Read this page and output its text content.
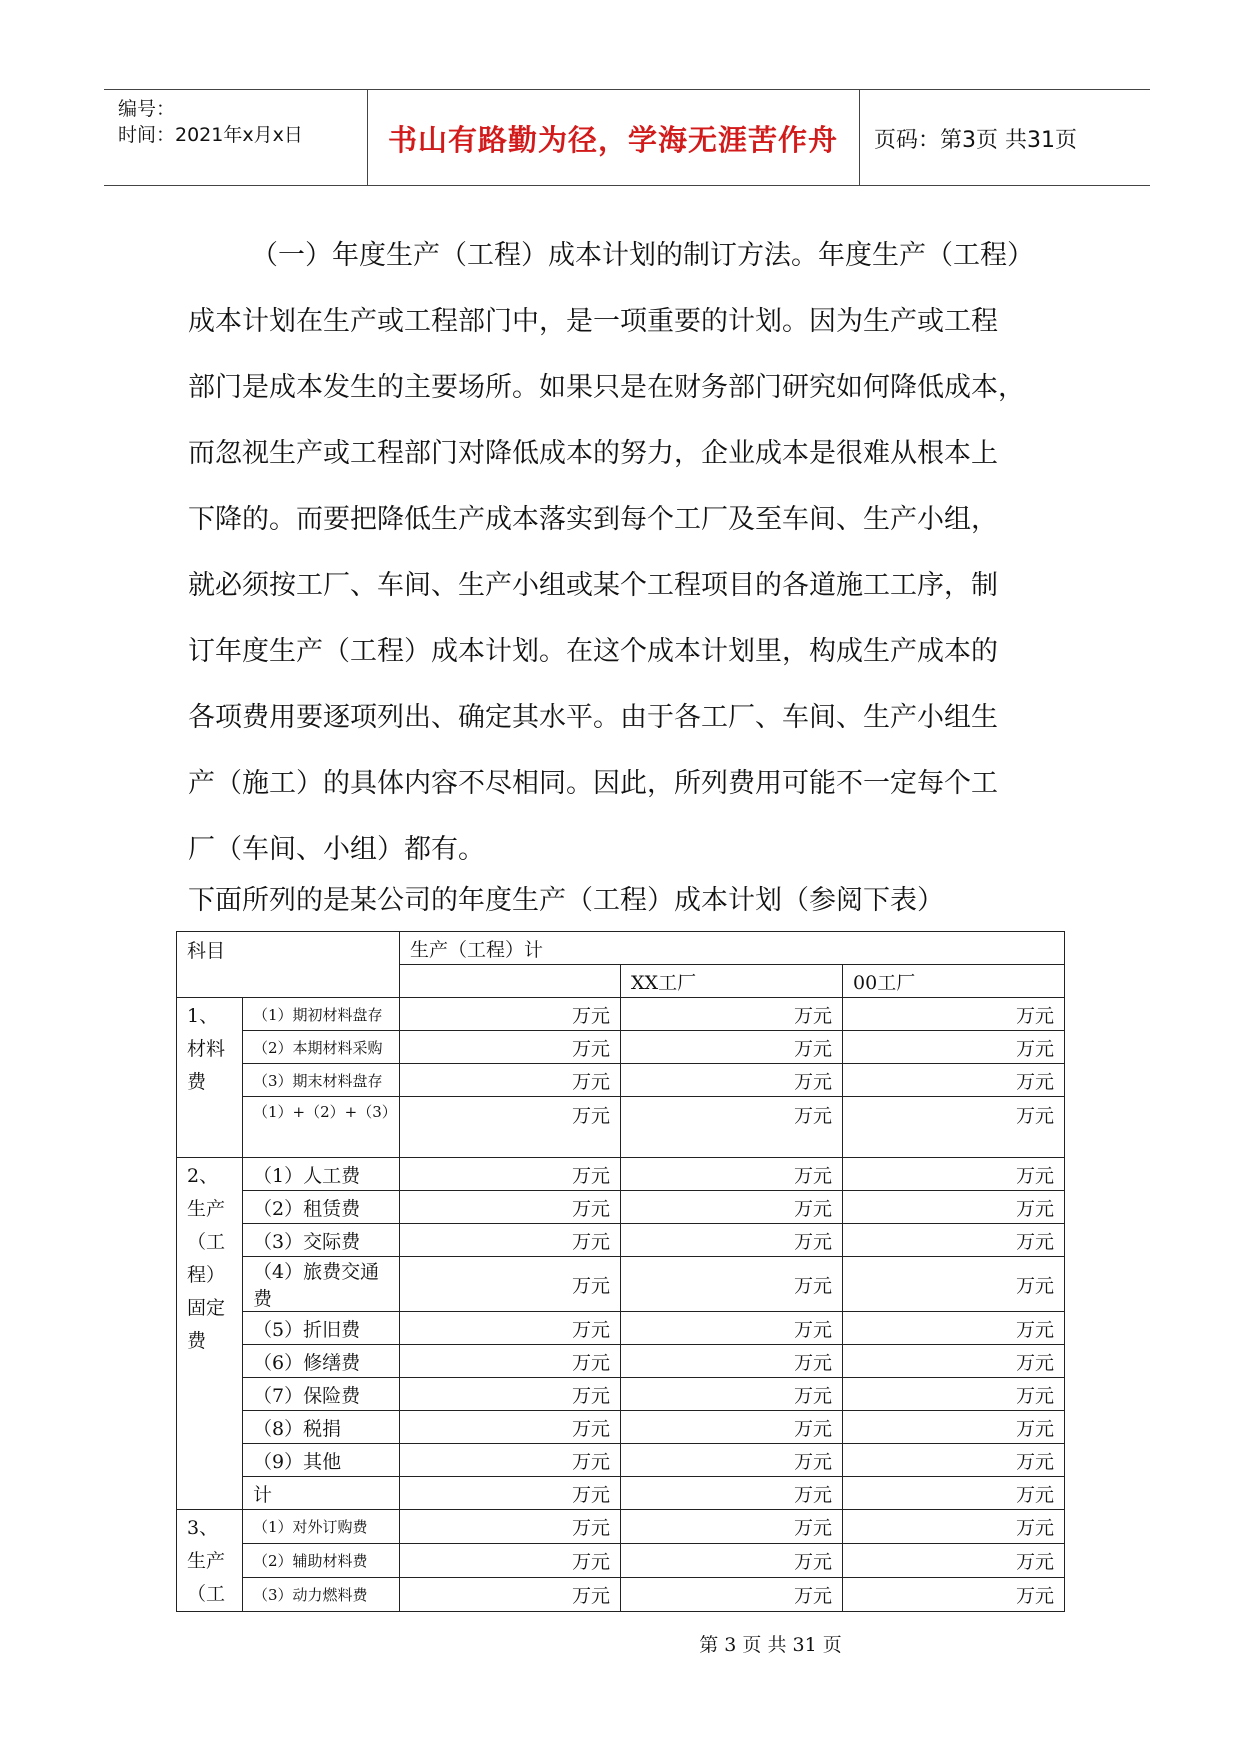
编号：
时间：2021年x月x日	书山有路勤为径，学海无涯苦作舟	页码：第3页 共31页

（一）年度生产（工程）成本计划的制订方法。年度生产（工程）

成本计划在生产或工程部门中，是一项重要的计划。因为生产或工程

部门是成本发生的主要场所。如果只是在财务部门研究如何降低成本，

而忽视生产或工程部门对降低成本的努力，企业成本是很难从根本上

下降的。而要把降低生产成本落实到每个工厂及至车间、生产小组，

就必须按工厂、车间、生产小组或某个工程项目的各道施工工序，制

订年度生产（工程）成本计划。在这个成本计划里，构成生产成本的

各项费用要逐项列出、确定其水平。由于各工厂、车间、生产小组生

产（施工）的具体内容不尽相同。因此，所列费用可能不一定每个工

厂（车间、小组）都有。

下面所列的是某公司的年度生产（工程）成本计划（参阅下表）
科目		生产（工程）计		
			XX工厂	00工厂
1、材料费	（1）期初材料盘存	万元	万元	万元
	（2）本期材料采购	万元	万元	万元
	（3）期末材料盘存	万元	万元	万元
	（1）+（2）+（3）	万元	万元	万元
2、生产（工程）固定费	（1）人工费	万元	万元	万元
	（2）租赁费	万元	万元	万元
	（3）交际费	万元	万元	万元
	（4）旅费交通费	万元	万元	万元
	（5）折旧费	万元	万元	万元
	（6）修缮费	万元	万元	万元
	（7）保险费	万元	万元	万元
	（8）税捐	万元	万元	万元
	（9）其他	万元	万元	万元
	计	万元	万元	万元
3、生产（工	（1）对外订购费	万元	万元	万元
	（2）辅助材料费	万元	万元	万元
	（3）动力燃料费	万元	万元	万元
第 3 页 共 31 页
